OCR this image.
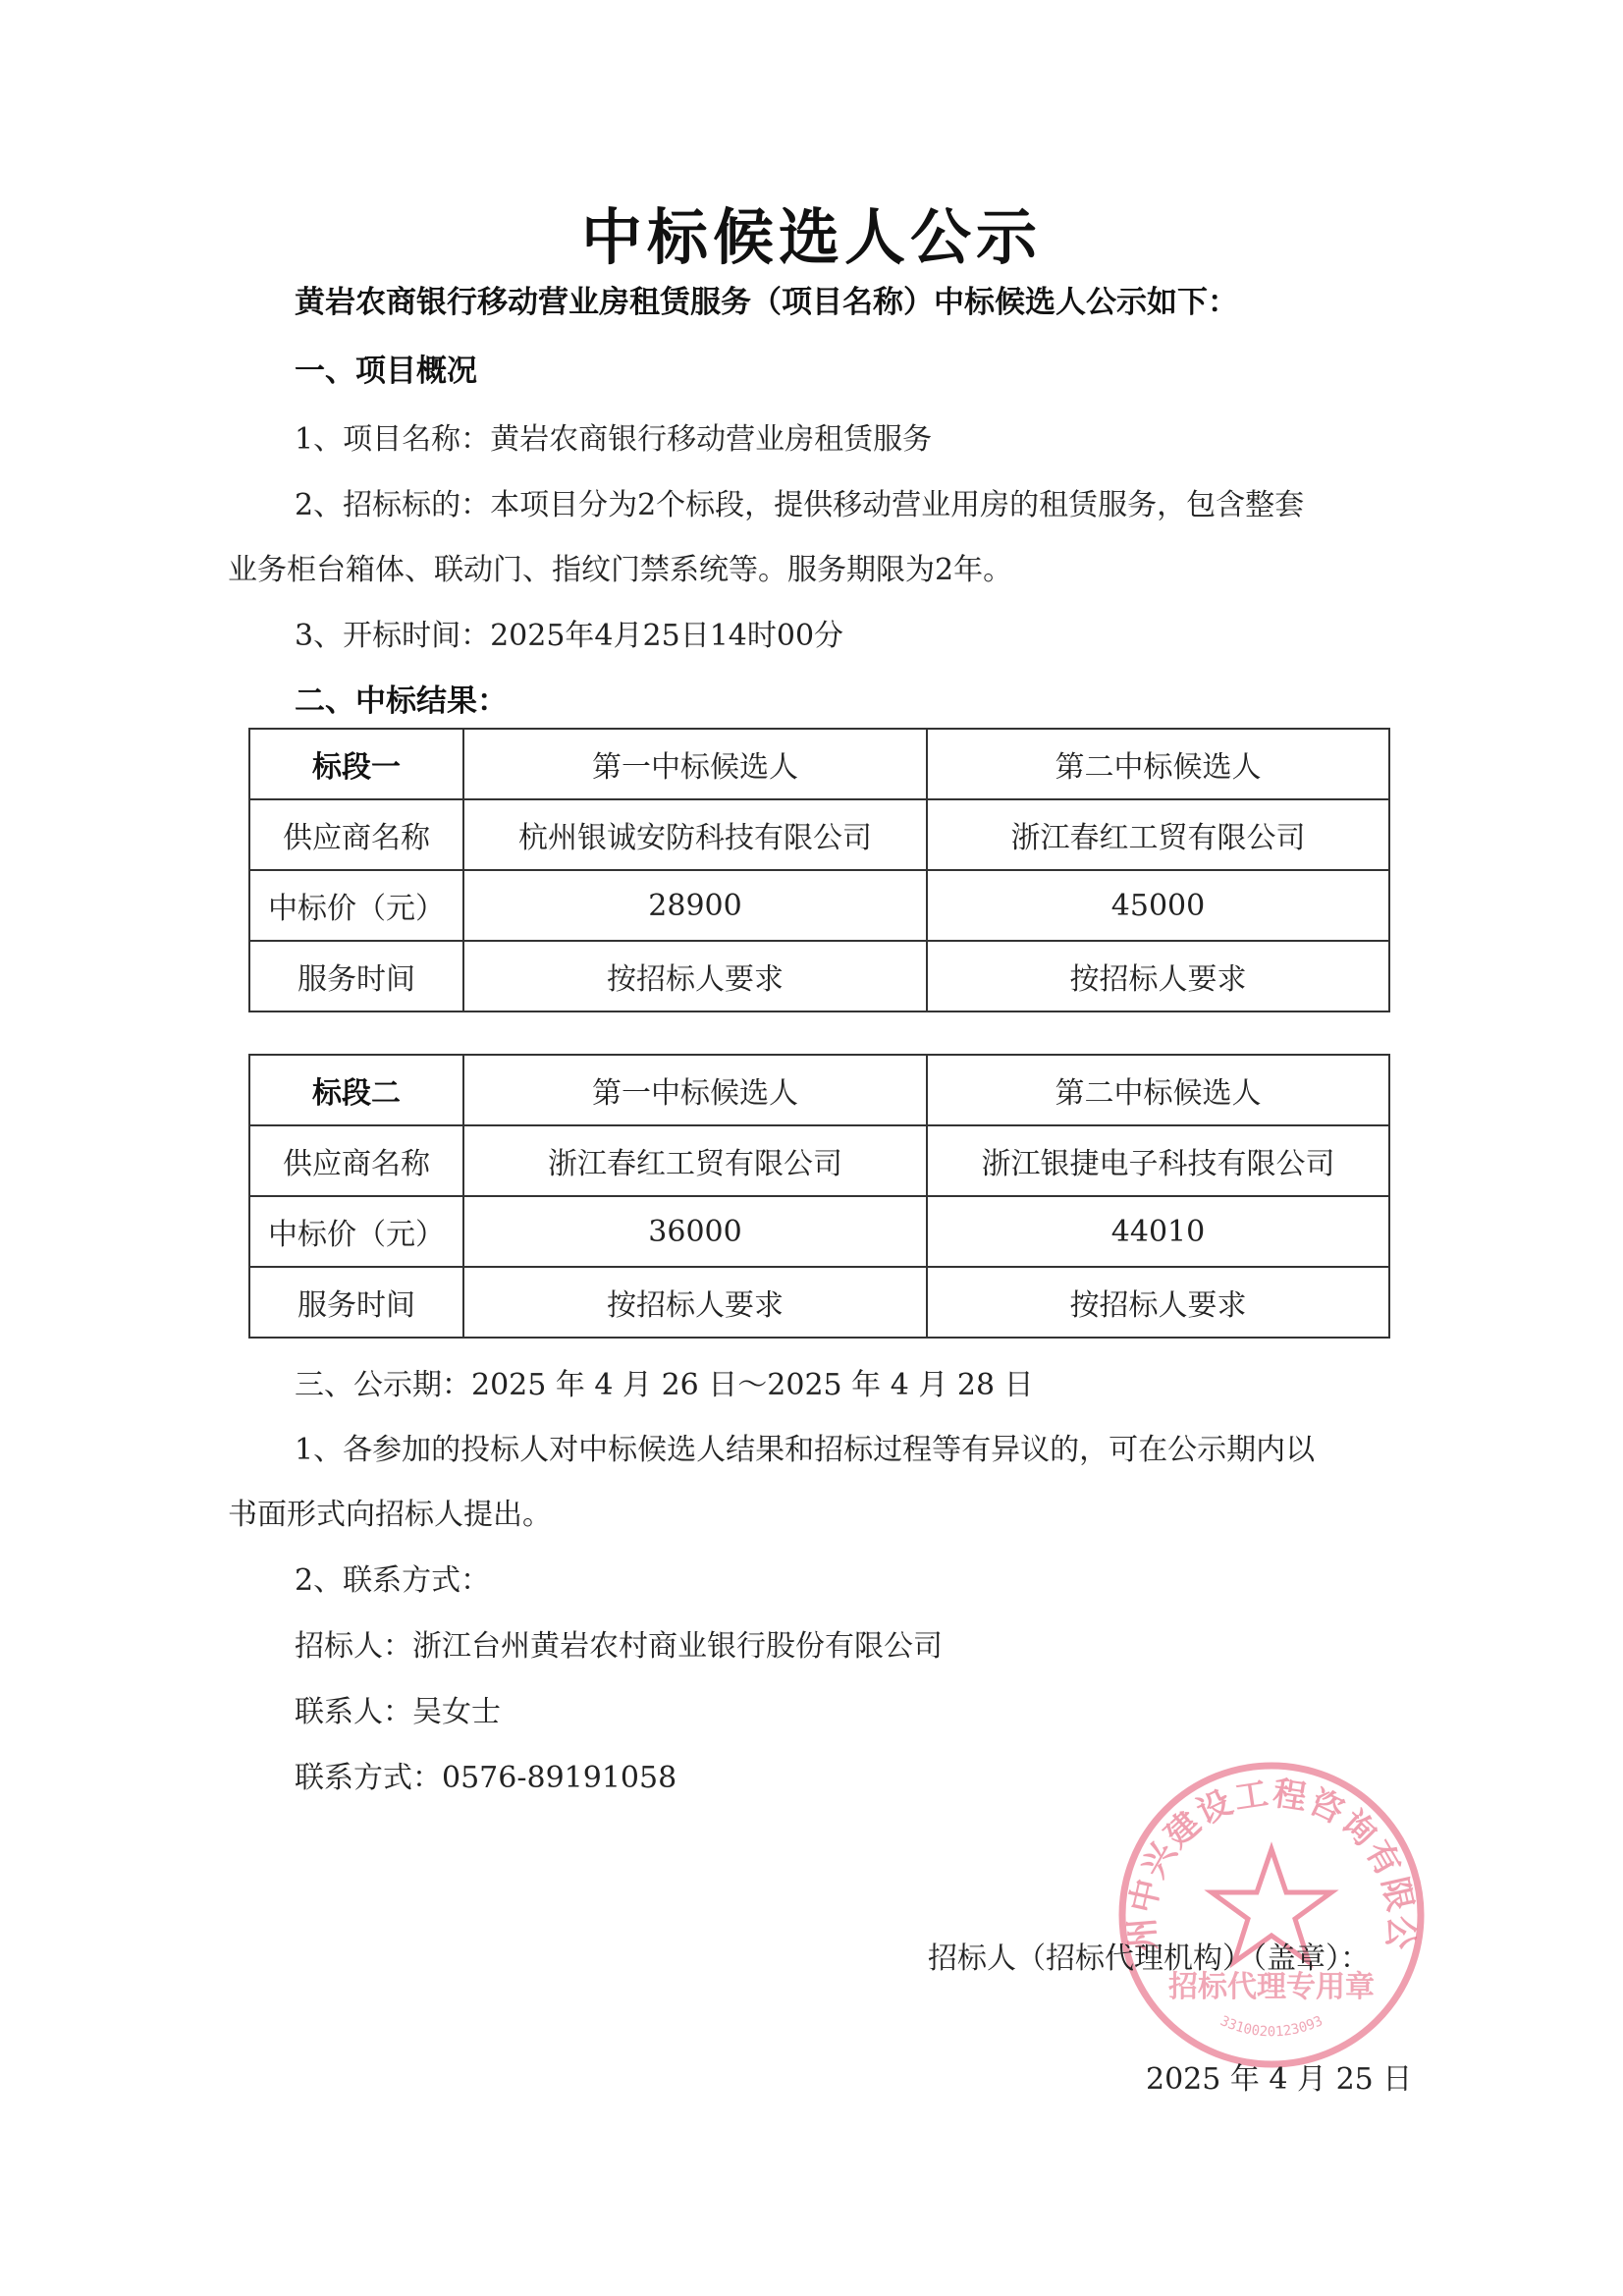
中标候选人公示
黄岩农商银行移动营业房租赁服务（项目名称）中标候选人公示如下：
一、项目概况
1、项目名称：黄岩农商银行移动营业房租赁服务
2、招标标的：本项目分为2个标段，提供移动营业用房的租赁服务，包含整套
业务柜台箱体、联动门、指纹门禁系统等。服务期限为2年。
3、开标时间：2025年4月25日14时00分
二、中标结果：
标段一	第一中标候选人	第二中标候选人
供应商名称	杭州银诚安防科技有限公司	浙江春红工贸有限公司
中标价（元）	28900	45000
服务时间	按招标人要求	按招标人要求
标段二	第一中标候选人	第二中标候选人
供应商名称	浙江春红工贸有限公司	浙江银捷电子科技有限公司
中标价（元）	36000	44010
服务时间	按招标人要求	按招标人要求
三、公示期：2025 年 4 月 26 日～2025 年 4 月 28 日
1、各参加的投标人对中标候选人结果和招标过程等有异议的，可在公示期内以
书面形式向招标人提出。
2、联系方式：
招标人：浙江台州黄岩农村商业银行股份有限公司
联系人：吴女士
联系方式：0576-89191058
州中兴建设工程咨询有限公
招标代理专用章
3310020123093
招标人（招标代理机构）（盖章）：
2025 年 4 月 25 日
